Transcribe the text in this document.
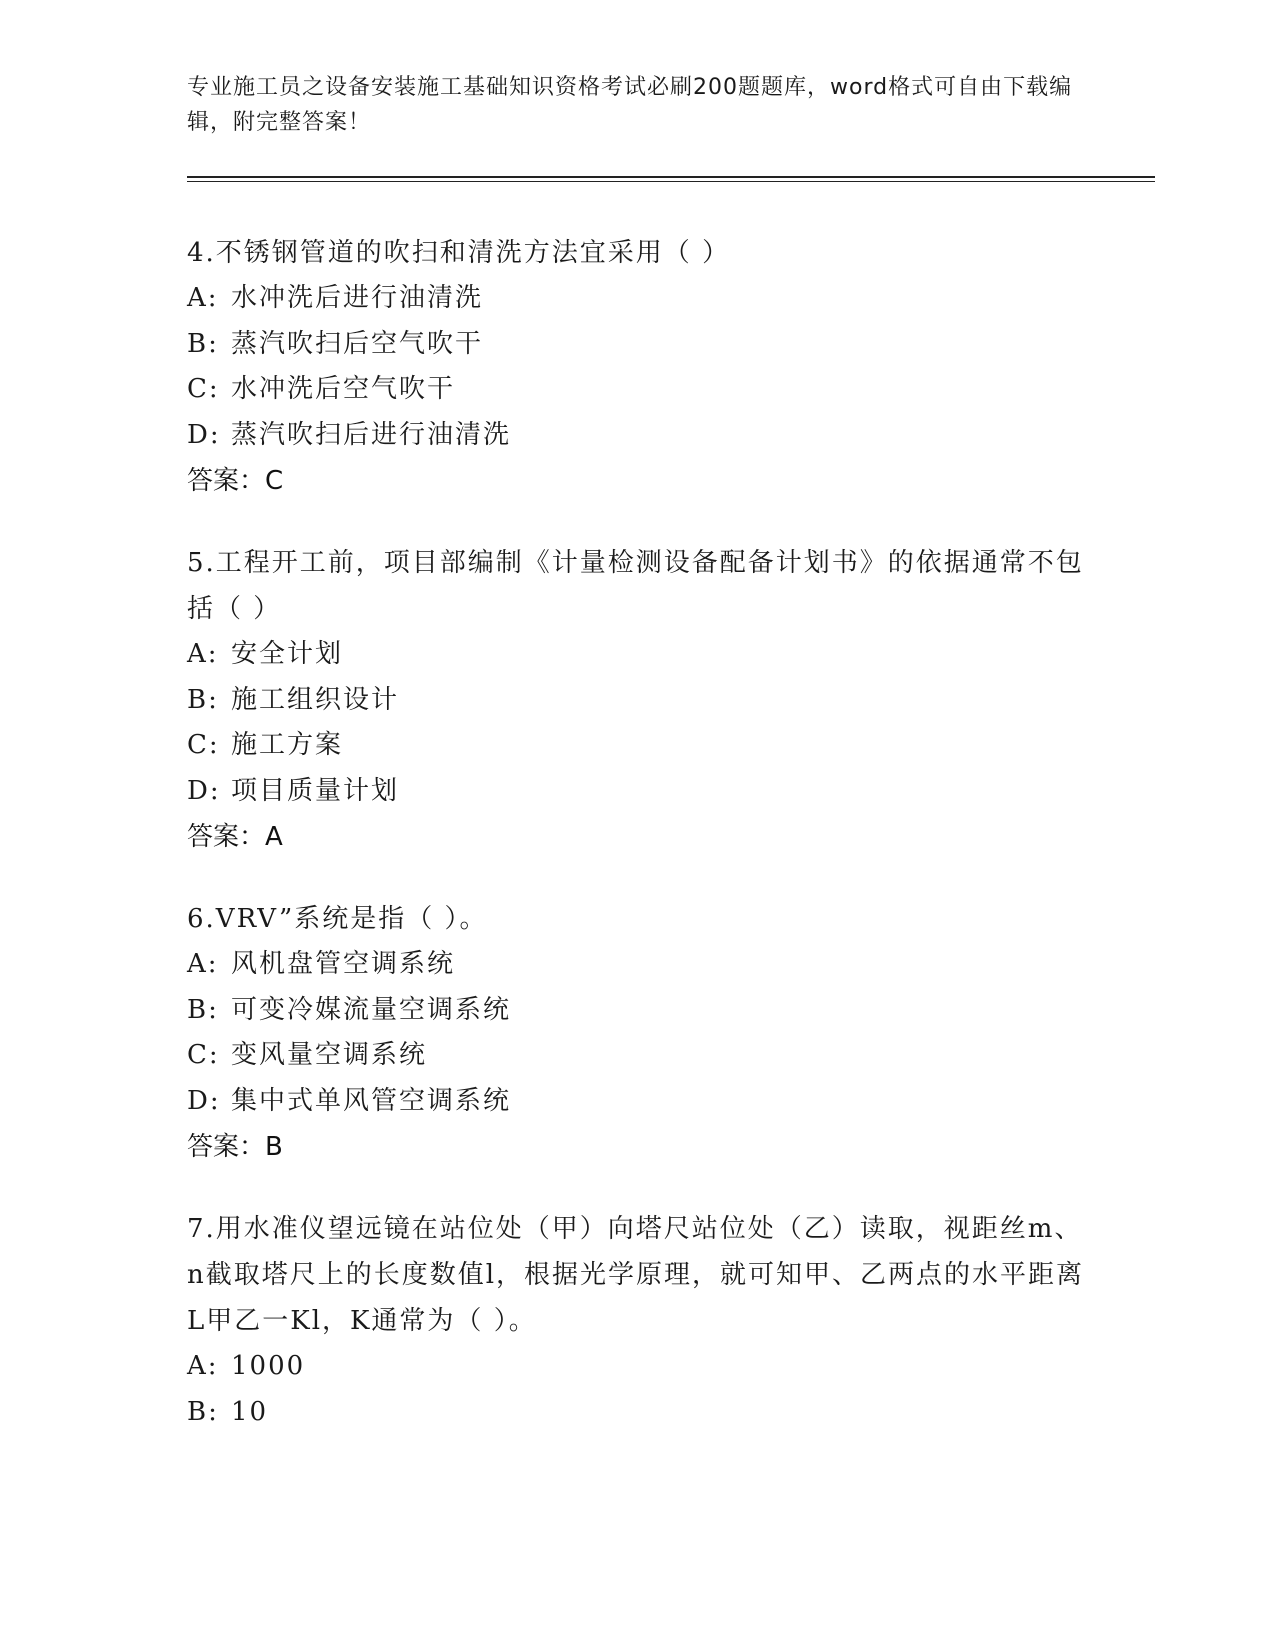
专业施工员之设备安装施工基础知识资格考试必刷200题题库，word格式可自由下载编辑，附完整答案！

4.不锈钢管道的吹扫和清洗方法宜采用（ ）

A: 水冲洗后进行油清洗

B: 蒸汽吹扫后空气吹干

C: 水冲洗后空气吹干

D: 蒸汽吹扫后进行油清洗

答案：C

5.工程开工前，项目部编制《计量检测设备配备计划书》的依据通常不包括（ ）

A: 安全计划

B: 施工组织设计

C: 施工方案

D: 项目质量计划

答案：A

6.VRV”系统是指（ ）。

A: 风机盘管空调系统

B: 可变冷媒流量空调系统

C: 变风量空调系统

D: 集中式单风管空调系统

答案：B

7.用水准仪望远镜在站位处（甲）向塔尺站位处（乙）读取，视距丝m、n截取塔尺上的长度数值l，根据光学原理，就可知甲、乙两点的水平距离L甲乙一Kl，K通常为（ ）。

A: 1000

B: 10
